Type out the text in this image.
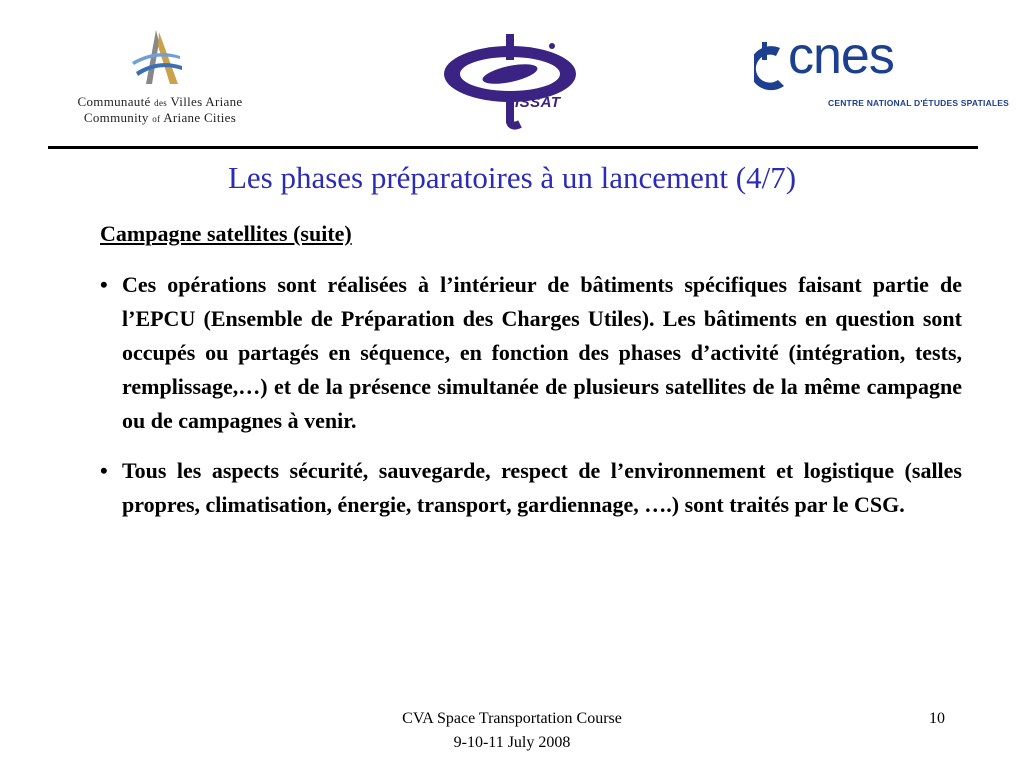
Communauté des Villes Ariane
Community of Ariane Cities
ISSAT
cnes
CENTRE NATIONAL D'ÉTUDES SPATIALES
Les phases préparatoires à un lancement (4/7)
Campagne satellites (suite)
• Ces opérations sont réalisées à l’intérieur de bâtiments spécifiques faisant partie de l’EPCU (Ensemble de Préparation des Charges Utiles). Les bâtiments en question sont occupés ou partagés en séquence, en fonction des phases d’activité (intégration, tests, remplissage,…) et de la présence simultanée de plusieurs satellites de la même campagne ou de campagnes à venir.
• Tous les aspects sécurité, sauvegarde, respect de l’environnement et logistique (salles propres, climatisation, énergie, transport, gardiennage, ….) sont traités par le CSG.
CVA Space Transportation Course
9-10-11 July 2008
10
